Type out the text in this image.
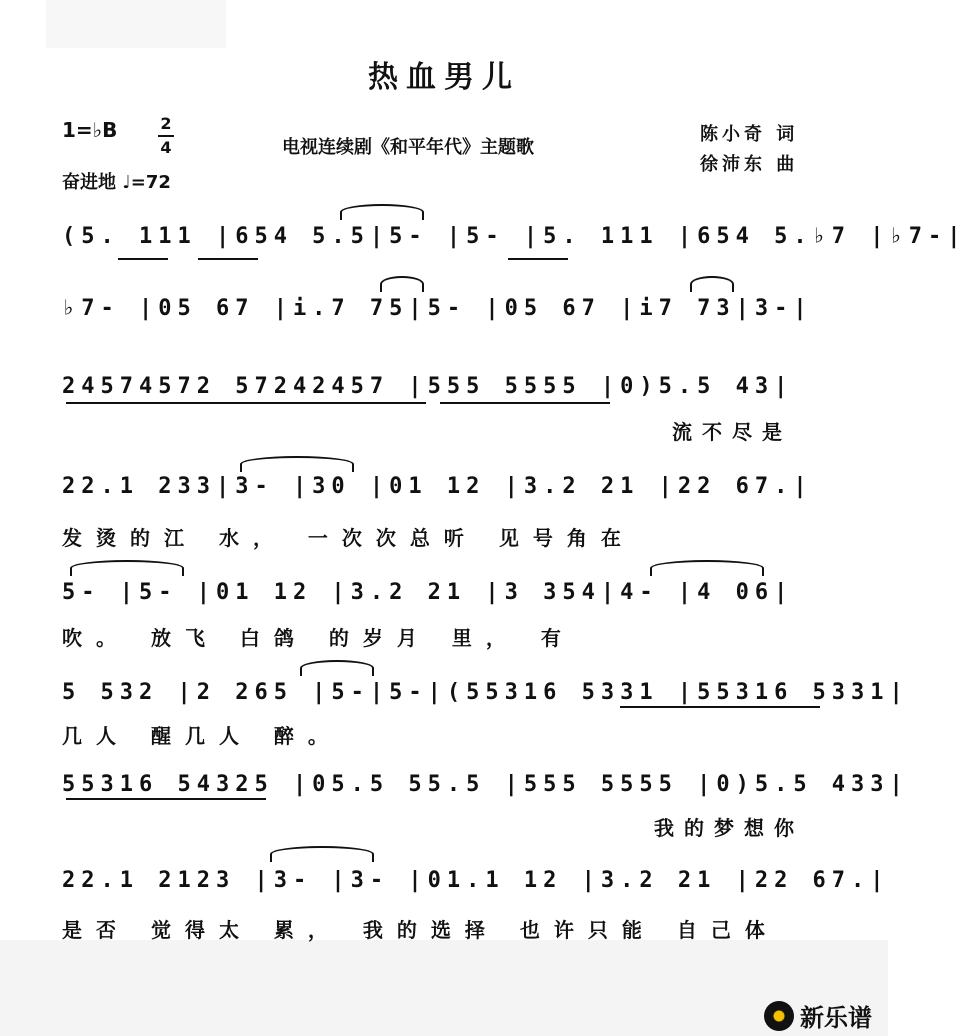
热血男儿
1=♭B	2
4
奋进地 ♩=72
电视连续剧《和平年代》主题歌
陈小奇 词
徐沛东 曲
(5. 111 |654 5.5|5- |5- |5. 111 |654 5.♭7 |♭7-|
♭7- |05 67 |i.7 75|5- |05 67 |i7 73|3-|
24574572 57242457 |555 5555 |0)5.5 43|
流不尽是
22.1 233|3- |30 |01 12 |3.2 21 |22 67.|
发烫的江 水， 一次次总听 见号角在
5- |5- |01 12 |3.2 21 |3 354|4- |4 06|
吹。 放飞 白鸽 的岁月 里， 有
5 532 |2 265 |5-|5-|(55316 5331 |55316 5331|
几人 醒几人 醉。
55316 54325 |05.5 55.5 |555 5555 |0)5.5 433|
我的梦想你
22.1 2123 |3- |3- |01.1 12 |3.2 21 |22 67.|
是否 觉得太 累， 我的选择 也许只能 自己体
新乐谱
